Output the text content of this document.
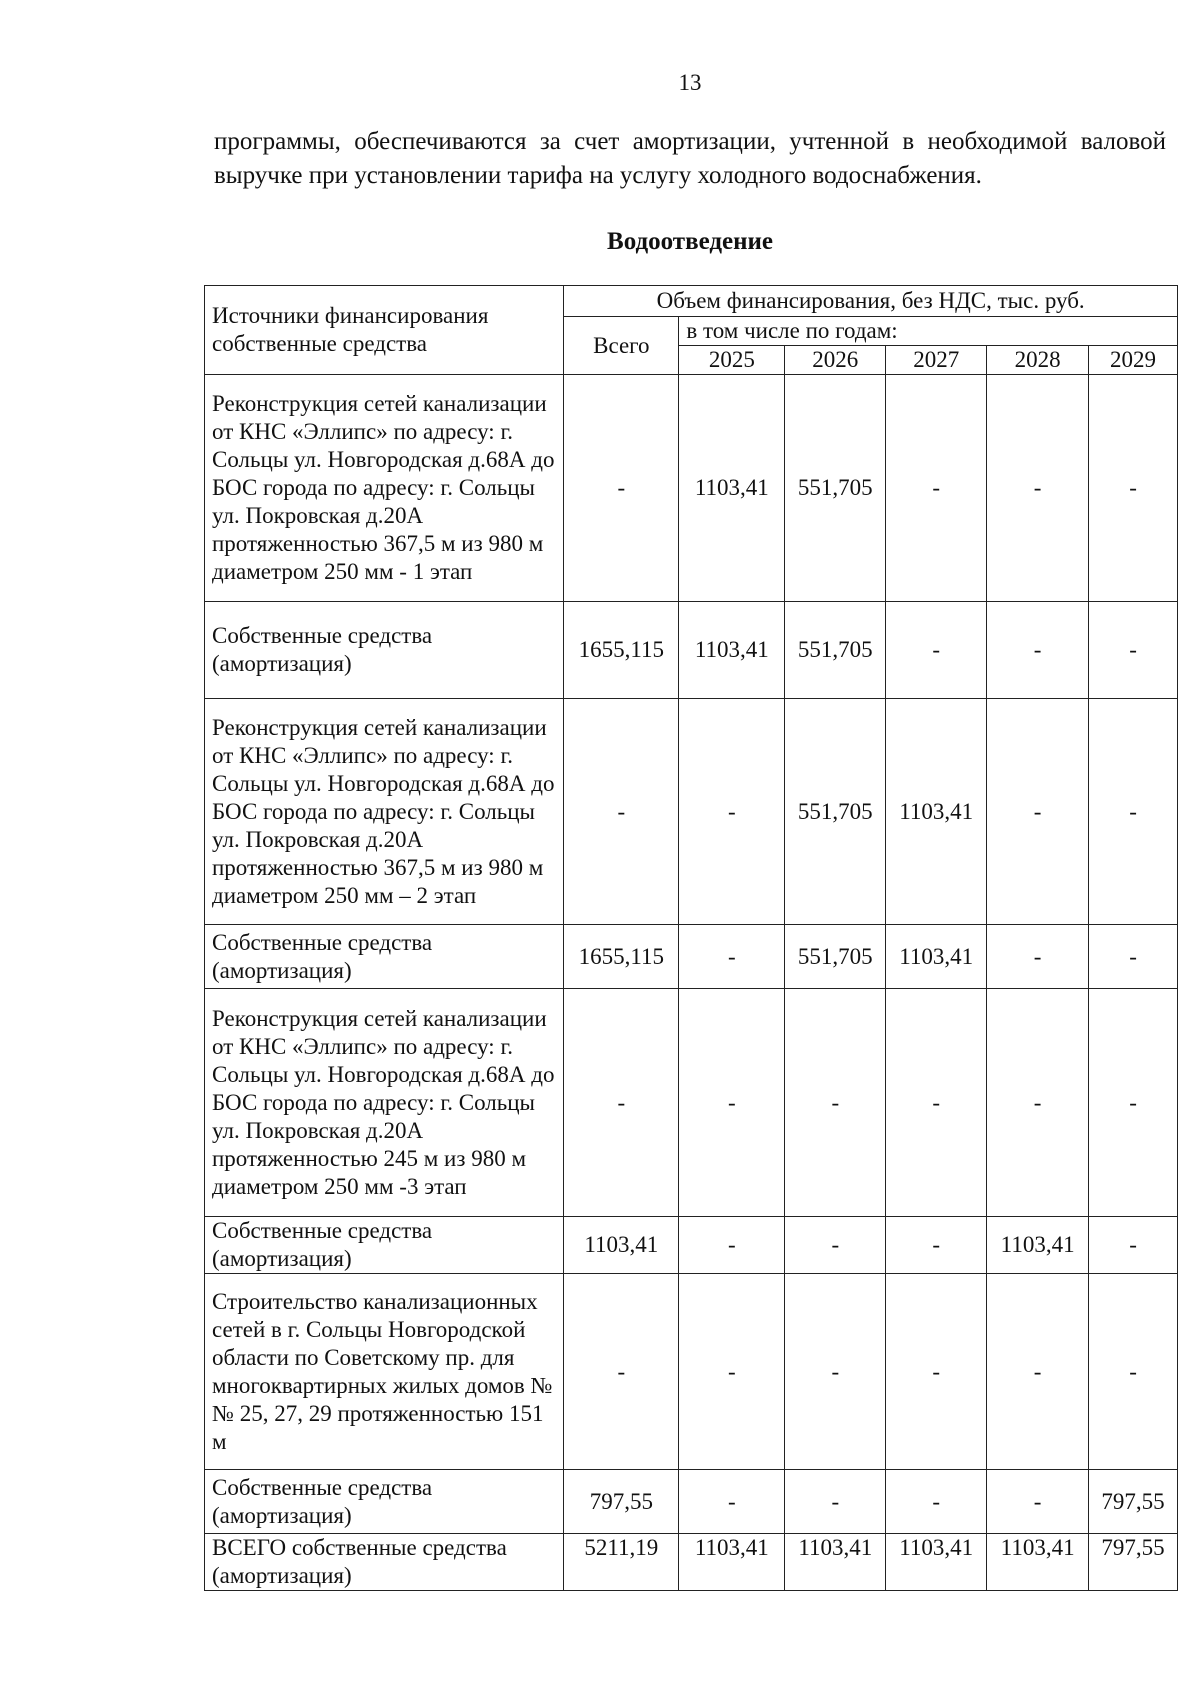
13
программы, обеспечиваются за счет амортизации, учтенной в необходимой валовой выручке при установлении тарифа на услугу холодного водоснабжения.
Водоотведение
Источники финансирования собственные средства	Объем финансирования, без НДС, тыс. руб.					
	Всего	в том числе по годам:				
		2025	2026	2027	2028	2029
Реконструкция сетей канализации от КНС «Эллипс» по адресу: г. Сольцы ул. Новгородская д.68А до БОС города по адресу: г. Сольцы ул. Покровская д.20А протяженностью 367,5 м из 980 м диаметром 250 мм - 1 этап	-	1103,41	551,705	-	-	-
Собственные средства (амортизация)	1655,115	1103,41	551,705	-	-	-
Реконструкция сетей канализации от КНС «Эллипс» по адресу: г. Сольцы ул. Новгородская д.68А до БОС города по адресу: г. Сольцы ул. Покровская д.20А протяженностью 367,5 м из 980 м диаметром 250 мм – 2 этап	-	-	551,705	1103,41	-	-
Собственные средства (амортизация)	1655,115	-	551,705	1103,41	-	-
Реконструкция сетей канализации от КНС «Эллипс» по адресу: г. Сольцы ул. Новгородская д.68А до БОС города по адресу: г. Сольцы ул. Покровская д.20А протяженностью 245 м из 980 м диаметром 250 мм -3 этап	-	-	-	-	-	-
Собственные средства (амортизация)	1103,41	-	-	-	1103,41	-
Строительство канализационных сетей в г. Сольцы Новгородской области по Советскому пр. для многоквартирных жилых домов №№ 25, 27, 29 протяженностью 151 м	-	-	-	-	-	-
Собственные средства (амортизация)	797,55	-	-	-	-	797,55
ВСЕГО собственные средства (амортизация)	5211,19	1103,41	1103,41	1103,41	1103,41	797,55
